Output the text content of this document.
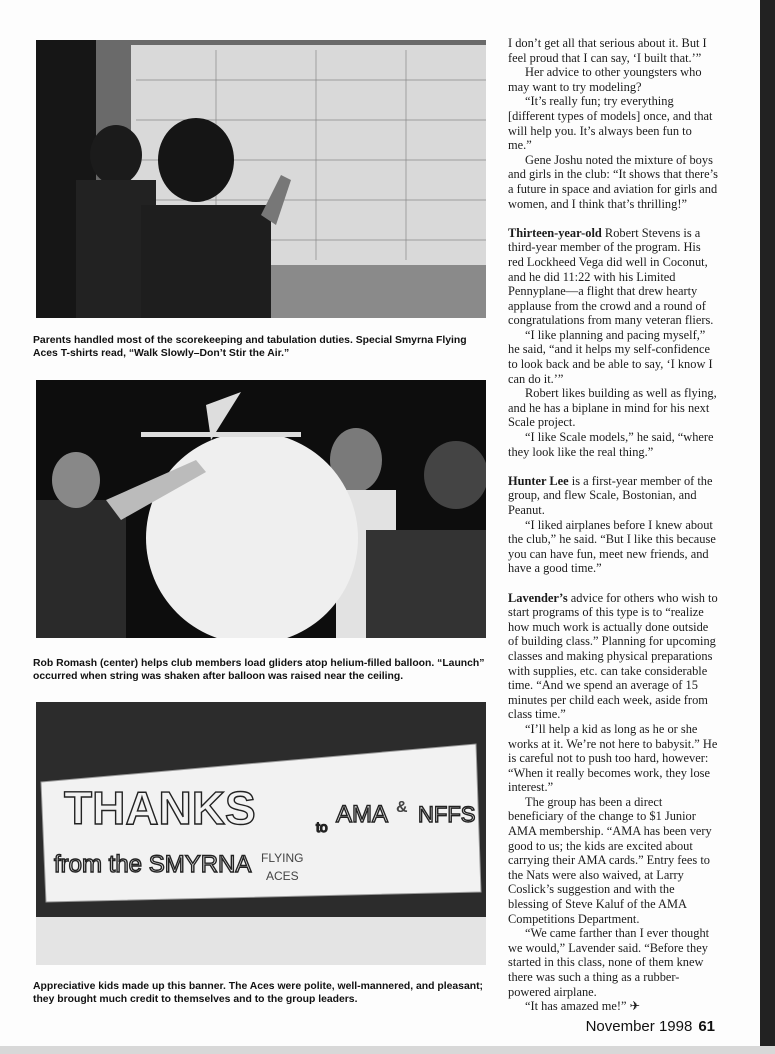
Parents handled most of the scorekeeping and tabulation duties. Special Smyrna Flying Aces T-shirts read, “Walk Slowly–Don’t Stir the Air.”
Rob Romash (center) helps club members load gliders atop helium-filled balloon. “Launch” occurred when string was shaken after balloon was raised near the ceiling.
THANKS
from the SMYRNA
to AMA NFFS
FLYING
ACES
&
Appreciative kids made up this banner. The Aces were polite, well-mannered, and pleasant; they brought much credit to themselves and to the group leaders.

I don’t get all that serious about it. But I feel proud that I can say, ‘I built that.’”

Her advice to other youngsters who may want to try modeling?

“It’s really fun; try everything [different types of models] once, and that will help you. It’s always been fun to me.”

Gene Joshu noted the mixture of boys and girls in the club: “It shows that there’s a future in space and aviation for girls and women, and I think that’s thrilling!”

Thirteen-year-old Robert Stevens is a third-year member of the program. His red Lockheed Vega did well in Coconut, and he did 11:22 with his Limited Pennyplane—a flight that drew hearty applause from the crowd and a round of congratulations from many veteran fliers.

“I like planning and pacing myself,” he said, “and it helps my self-confidence to look back and be able to say, ‘I know I can do it.’”

Robert likes building as well as flying, and he has a biplane in mind for his next Scale project.

“I like Scale models,” he said, “where they look like the real thing.”

Hunter Lee is a first-year member of the group, and flew Scale, Bostonian, and Peanut.

“I liked airplanes before I knew about the club,” he said. “But I like this because you can have fun, meet new friends, and have a good time.”

Lavender’s advice for others who wish to start programs of this type is to “realize how much work is actually done outside of building class.” Planning for upcoming classes and making physical preparations with supplies, etc. can take considerable time. “And we spend an average of 15 minutes per child each week, aside from class time.”

“I’ll help a kid as long as he or she works at it. We’re not here to babysit.” He is careful not to push too hard, however: “When it really becomes work, they lose interest.”

The group has been a direct beneficiary of the change to $1 Junior AMA membership. “AMA has been very good to us; the kids are excited about carrying their AMA cards.” Entry fees to the Nats were also waived, at Larry Coslick’s suggestion and with the blessing of Steve Kaluf of the AMA Competitions Department.

“We came farther than I ever thought we would,” Lavender said. “Before they started in this class, none of them knew there was such a thing as a rubber-powered airplane.

“It has amazed me!” ✈

November 1998 61
